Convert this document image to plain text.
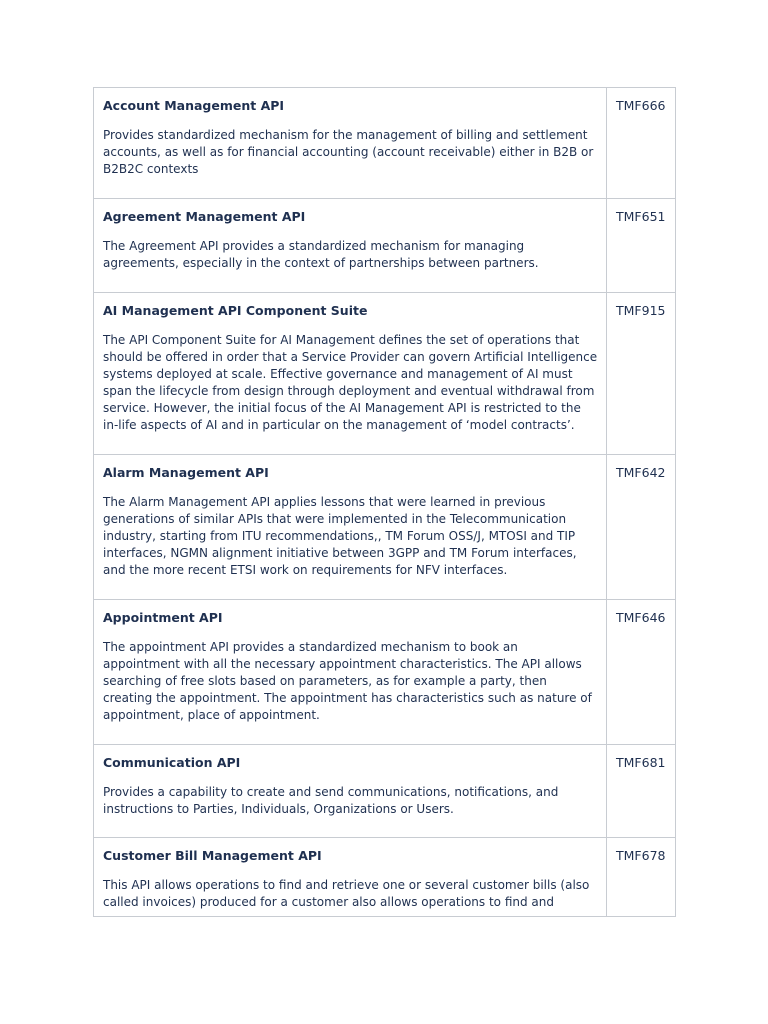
Account Management API
Provides standardized mechanism for the management of billing and settlement accounts, as well as for financial accounting (account receivable) either in B2B or B2B2C contexts	TMF666

Agreement Management API
The Agreement API provides a standardized mechanism for managing agreements, especially in the context of partnerships between partners.	TMF651

AI Management API Component Suite
The API Component Suite for AI Management defines the set of operations that should be offered in order that a Service Provider can govern Artificial Intelligence systems deployed at scale. Effective governance and management of AI must span the lifecycle from design through deployment and eventual withdrawal from service. However, the initial focus of the AI Management API is restricted to the in-life aspects of AI and in particular on the management of ‘model contracts’.	TMF915

Alarm Management API
The Alarm Management API applies lessons that were learned in previous generations of similar APIs that were implemented in the Telecommunication industry, starting from ITU recommendations,, TM Forum OSS/J, MTOSI and TIP interfaces, NGMN alignment initiative between 3GPP and TM Forum interfaces, and the more recent ETSI work on requirements for NFV interfaces.	TMF642

Appointment API
The appointment API provides a standardized mechanism to book an appointment with all the necessary appointment characteristics. The API allows searching of free slots based on parameters, as for example a party, then creating the appointment. The appointment has characteristics such as nature of appointment, place of appointment.	TMF646

Communication API
Provides a capability to create and send communications, notifications, and instructions to Parties, Individuals, Organizations or Users.	TMF681

Customer Bill Management API
This API allows operations to find and retrieve one or several customer bills (also called invoices) produced for a customer also allows operations to find and	TMF678
